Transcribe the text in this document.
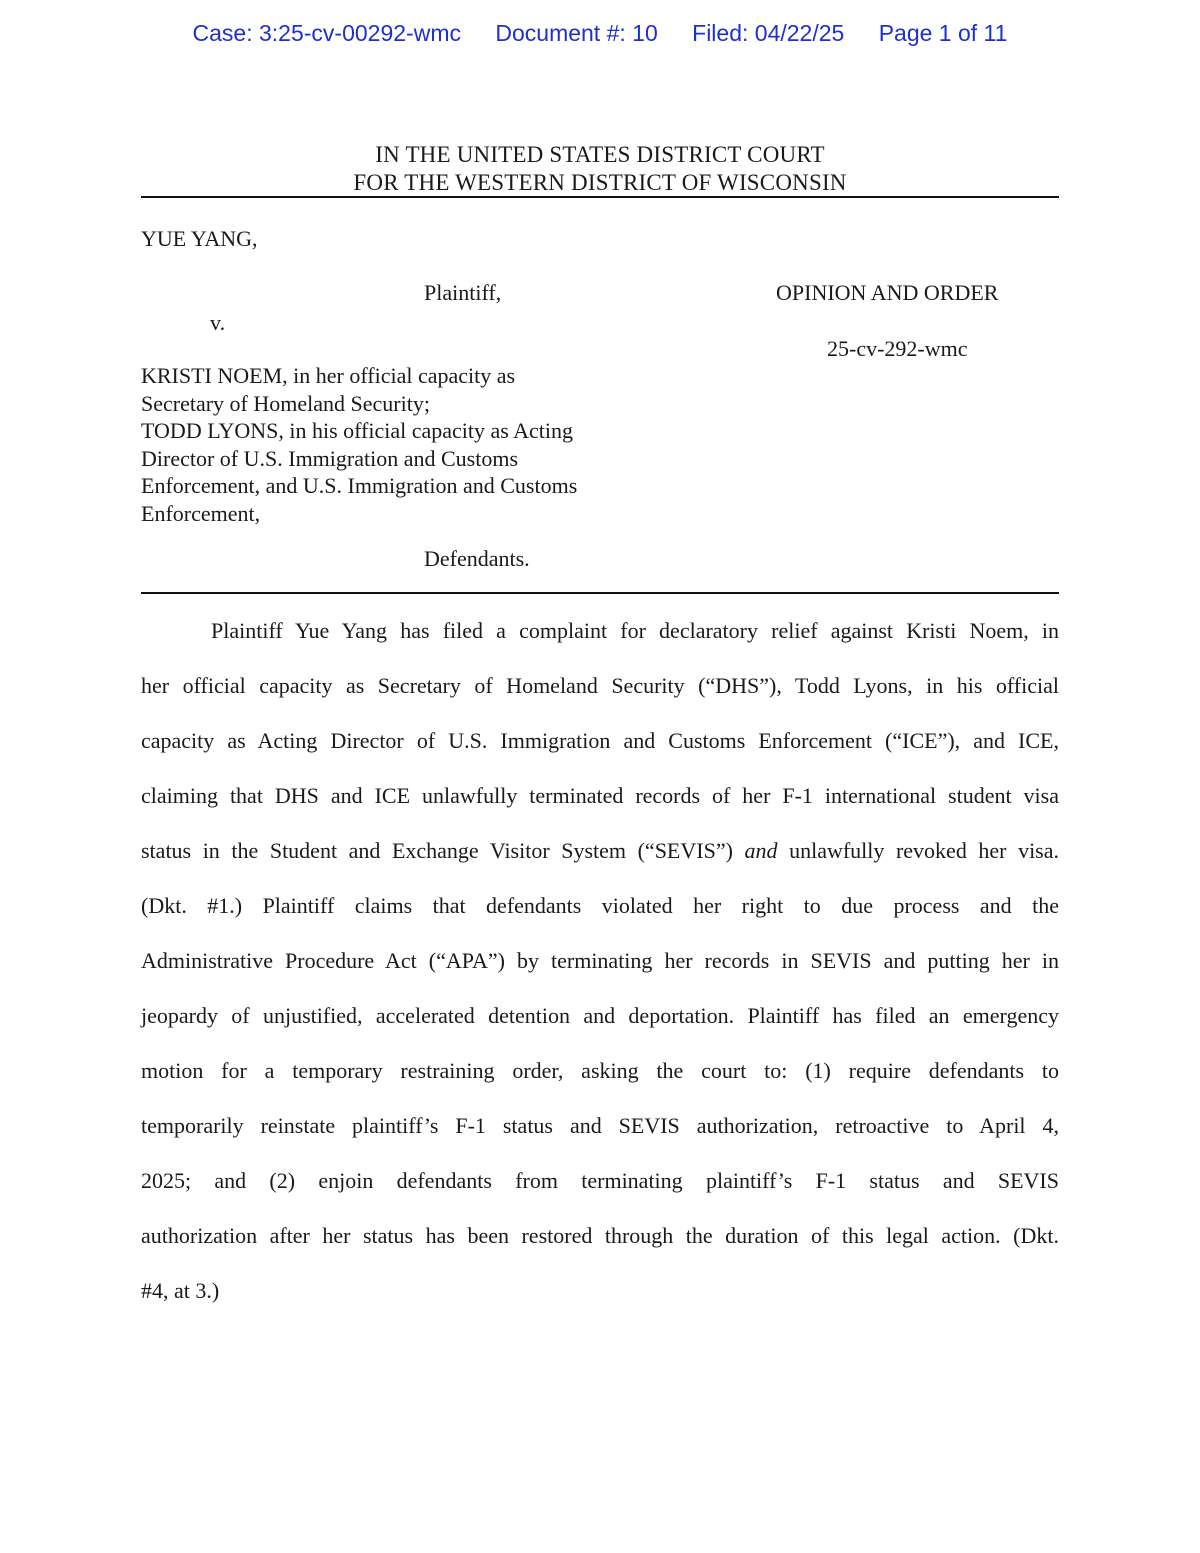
Case: 3:25-cv-00292-wmc Document #: 10 Filed: 04/22/25 Page 1 of 11
IN THE UNITED STATES DISTRICT COURT
FOR THE WESTERN DISTRICT OF WISCONSIN
YUE YANG,
Plaintiff,
v.
KRISTI NOEM, in her official capacity as
Secretary of Homeland Security;
TODD LYONS, in his official capacity as Acting
Director of U.S. Immigration and Customs
Enforcement, and U.S. Immigration and Customs
Enforcement,
Defendants.
OPINION AND ORDER
25-cv-292-wmc
Plaintiff Yue Yang has filed a complaint for declaratory relief against Kristi Noem, in
her official capacity as Secretary of Homeland Security (“DHS”), Todd Lyons, in his official
capacity as Acting Director of U.S. Immigration and Customs Enforcement (“ICE”), and ICE,
claiming that DHS and ICE unlawfully terminated records of her F-1 international student visa
status in the Student and Exchange Visitor System (“SEVIS”) and unlawfully revoked her visa.
(Dkt. #1.) Plaintiff claims that defendants violated her right to due process and the
Administrative Procedure Act (“APA”) by terminating her records in SEVIS and putting her in
jeopardy of unjustified, accelerated detention and deportation. Plaintiff has filed an emergency
motion for a temporary restraining order, asking the court to: (1) require defendants to
temporarily reinstate plaintiff’s F-1 status and SEVIS authorization, retroactive to April 4,
2025; and (2) enjoin defendants from terminating plaintiff’s F-1 status and SEVIS
authorization after her status has been restored through the duration of this legal action. (Dkt.
#4, at 3.)
